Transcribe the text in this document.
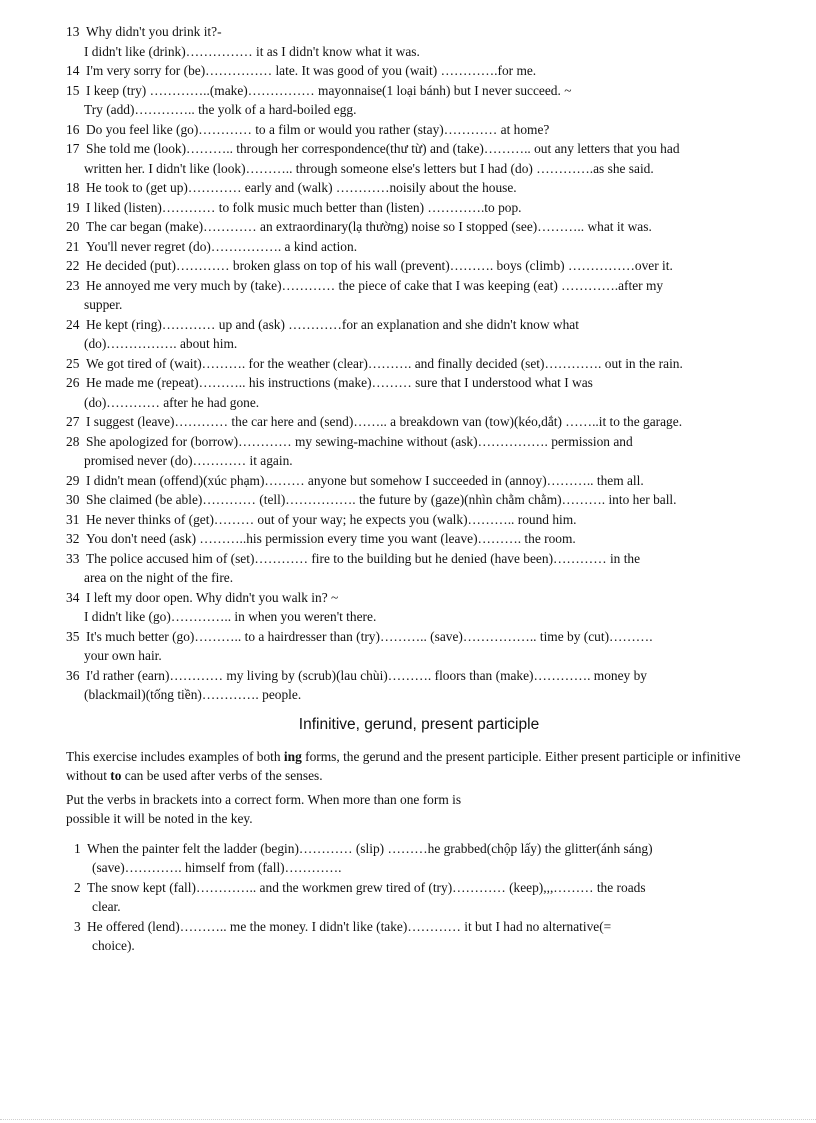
13 Why didn't you drink it?-
I didn't like (drink)…………… it as I didn't know what it was.

14 I'm very sorry for (be)…………… late. It was good of you (wait) ………….for me.

15 I keep (try) …………..(make)…………… mayonnaise(1 loại bánh) but I never succeed. ~
Try (add)………….. the yolk of a hard-boiled egg.

16 Do you feel like (go)………… to a film or would you rather (stay)………… at home?

17 She told me (look)……….. through her correspondence(thư từ) and (take)……….. out any letters that you had
written her. I didn't like (look)……….. through someone else's letters but I had (do) ………….as she said.

18 He took to (get up)………… early and (walk) …………noisily about the house.

19 I liked (listen)………… to folk music much better than (listen) ………….to pop.

20 The car began (make)………… an extraordinary(lạ thường) noise so I stopped (see)……….. what it was.

21 You'll never regret (do)……………. a kind action.

22 He decided (put)………… broken glass on top of his wall (prevent)………. boys (climb) ……………over it.

23 He annoyed me very much by (take)………… the piece of cake that I was keeping (eat) ………….after my
supper.

24 He kept (ring)………… up and (ask) …………for an explanation and she didn't know what
(do)……………. about him.

25 We got tired of (wait)………. for the weather (clear)………. and finally decided (set)…………. out in the rain.

26 He made me (repeat)……….. his instructions (make)……… sure that I understood what I was
(do)………… after he had gone.

27 I suggest (leave)………… the car here and (send)…….. a breakdown van (tow)(kéo,dắt) ……..it to the garage.

28 She apologized for (borrow)………… my sewing-machine without (ask)……………. permission and
promised never (do)………… it again.

29 I didn't mean (offend)(xúc phạm)……… anyone but somehow I succeeded in (annoy)……….. them all.

30 She claimed (be able)………… (tell)……………. the future by (gaze)(nhìn chằm chằm)………. into her ball.

31 He never thinks of (get)……… out of your way; he expects you (walk)……….. round him.

32 You don't need (ask) ………..his permission every time you want (leave)………. the room.

33 The police accused him of (set)………… fire to the building but he denied (have been)………… in the
area on the night of the fire.

34 I left my door open. Why didn't you walk in? ~
I didn't like (go)………….. in when you weren't there.

35 It's much better (go)……….. to a hairdresser than (try)……….. (save)…………….. time by (cut)……….
your own hair.

36 I'd rather (earn)………… my living by (scrub)(lau chùi)………. floors than (make)…………. money by
(blackmail)(tống tiền)…………. people.

Infinitive, gerund, present participle

This exercise includes examples of both ing forms, the gerund and the present participle. Either present participle or infinitive without to can be used after verbs of the senses.

Put the verbs in brackets into a correct form. When more than one form is possible it will be noted in the key.

1 When the painter felt the ladder (begin)………… (slip) ………he grabbed(chộp lấy) the glitter(ánh sáng)
(save)…………. himself from (fall)………….

2 The snow kept (fall)………….. and the workmen grew tired of (try)………… (keep),,,……… the roads
clear.

3 He offered (lend)……….. me the money. I didn't like (take)………… it but I had no alternative(=
choice).
